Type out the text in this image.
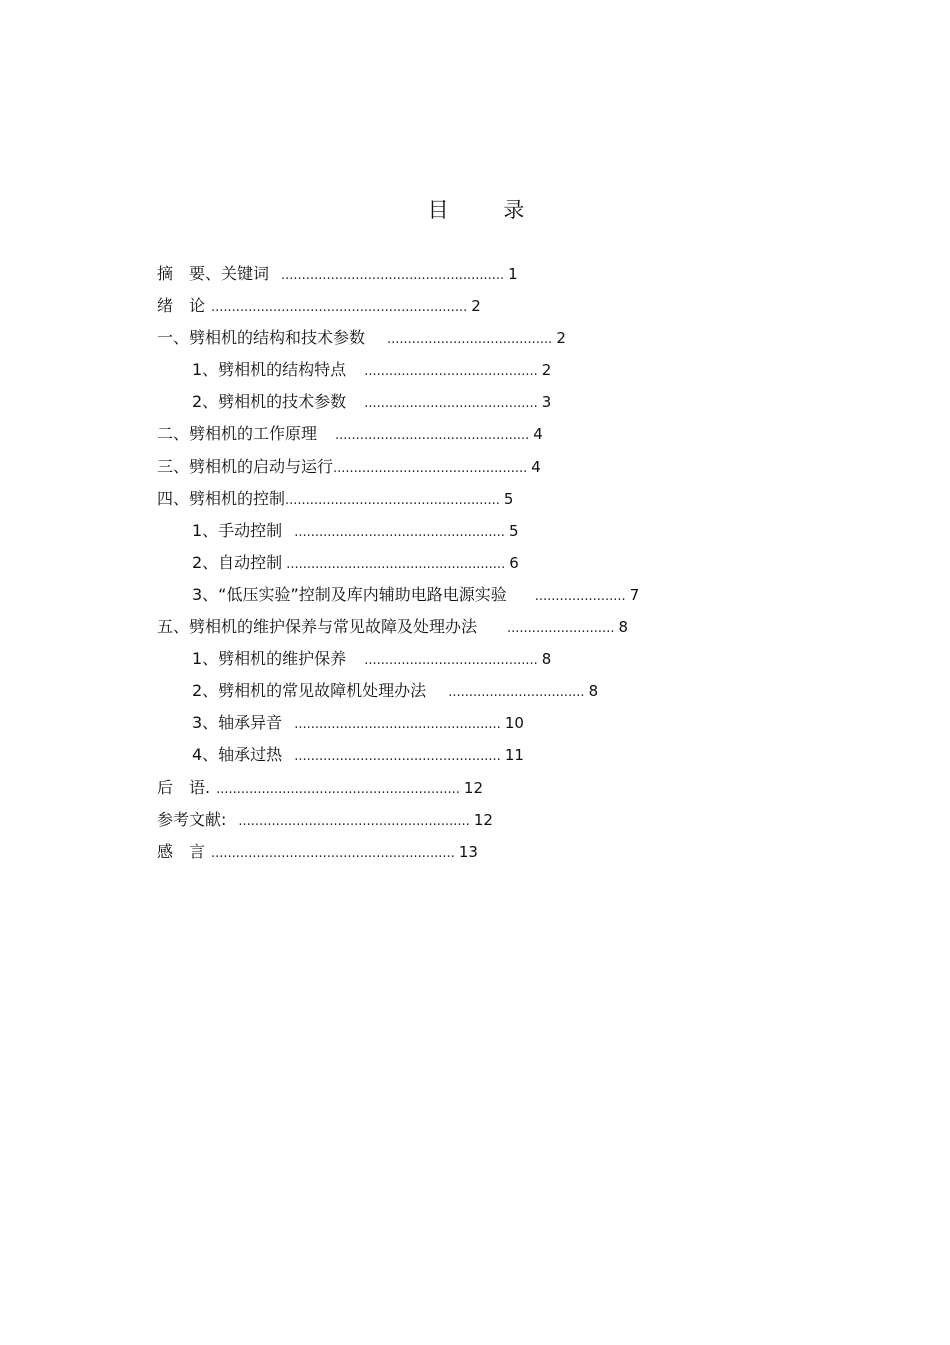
目 录
摘　要、关键词 ...................................................... 1
绪　论 .............................................................. 2
一、劈相机的结构和技术参数 ........................................ 2
1、劈相机的结构特点 .......................................... 2
2、劈相机的技术参数 .......................................... 3
二、劈相机的工作原理 ............................................... 4
三、劈相机的启动与运行............................................... 4
四、劈相机的控制.................................................... 5
1、手动控制 ................................................... 5
2、自动控制 ..................................................... 6
3、“低压实验”控制及库内辅助电路电源实验 ...................... 7
五、劈相机的维护保养与常见故障及处理办法 .......................... 8
1、劈相机的维护保养 .......................................... 8
2、劈相机的常见故障机处理办法 ................................. 8
3、轴承异音 .................................................. 10
4、轴承过热 .................................................. 11
后　语. ........................................................... 12
参考文献: ........................................................ 12
感　言 ........................................................... 13
